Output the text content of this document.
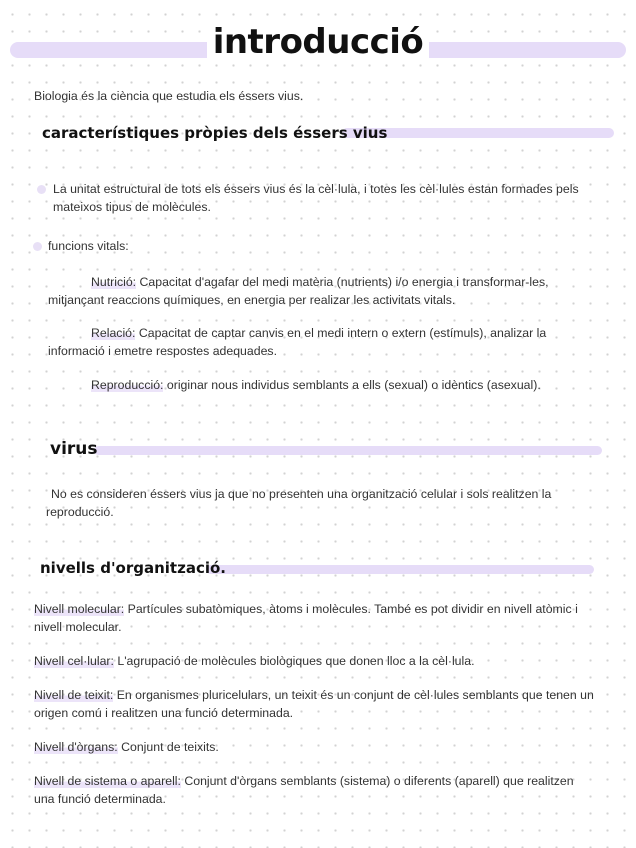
introducció
Biologia és la ciència que estudia els éssers vius.
característiques pròpies dels éssers vius
La unitat estructural de tots els éssers vius és la cèl·lula, i totes les cèl·lules estan formades pels mateixos tipus de molècules.
funcions vitals:
Nutrició: Capacitat d'agafar del medi matèria (nutrients) i/o energia i transformar-les, mitjançant reaccions químiques, en energia per realizar les activitats vitals.
Relació: Capacitat de captar canvis en el medi intern o extern (estímuls), analizar la informació i emetre respostes adequades.
Reproducció: originar nous individus semblants a ells (sexual) o idèntics (asexual).
virus
No es consideren éssers vius ja que no presenten una organització celular i sols realitzen la reproducció.
nivells d'organització.
Nivell molecular: Partícules subatòmiques, àtoms i molècules. També es pot dividir en nivell atòmic i nivell molecular.
Nivell cel·lular: L'agrupació de molècules biològiques que donen lloc a la cèl·lula.
Nivell de teixit: En organismes pluricelulars, un teixit és un conjunt de cèl·lules semblants que tenen un origen comú i realitzen una funció determinada.
Nivell d'òrgans: Conjunt de teixits.
Nivell de sistema o aparell: Conjunt d'òrgans semblants (sistema) o diferents (aparell) que realitzen una funció determinada.
